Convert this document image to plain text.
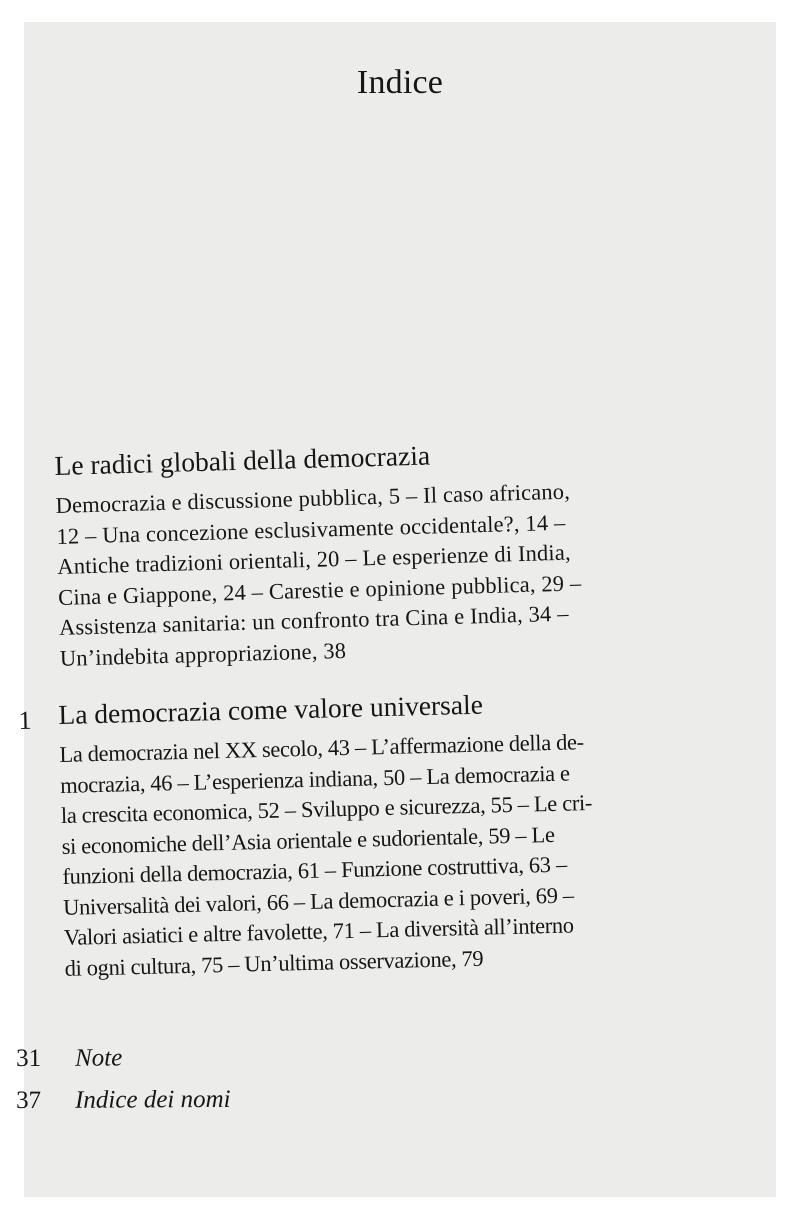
Indice
Le radici globali della democrazia
Democrazia e discussione pubblica, 5 – Il caso africano,
12 – Una concezione esclusivamente occidentale?, 14 –
Antiche tradizioni orientali, 20 – Le esperienze di India,
Cina e Giappone, 24 – Carestie e opinione pubblica, 29 –
Assistenza sanitaria: un confronto tra Cina e India, 34 –
Un’indebita appropriazione, 38
1 La democrazia come valore universale
La democrazia nel XX secolo, 43 – L’affermazione della de-
mocrazia, 46 – L’esperienza indiana, 50 – La democrazia e
la crescita economica, 52 – Sviluppo e sicurezza, 55 – Le cri-
si economiche dell’Asia orientale e sudorientale, 59 – Le
funzioni della democrazia, 61 – Funzione costruttiva, 63 –
Universalità dei valori, 66 – La democrazia e i poveri, 69 –
Valori asiatici e altre favolette, 71 – La diversità all’interno
di ogni cultura, 75 – Un’ultima osservazione, 79
31 Note
37 Indice dei nomi
